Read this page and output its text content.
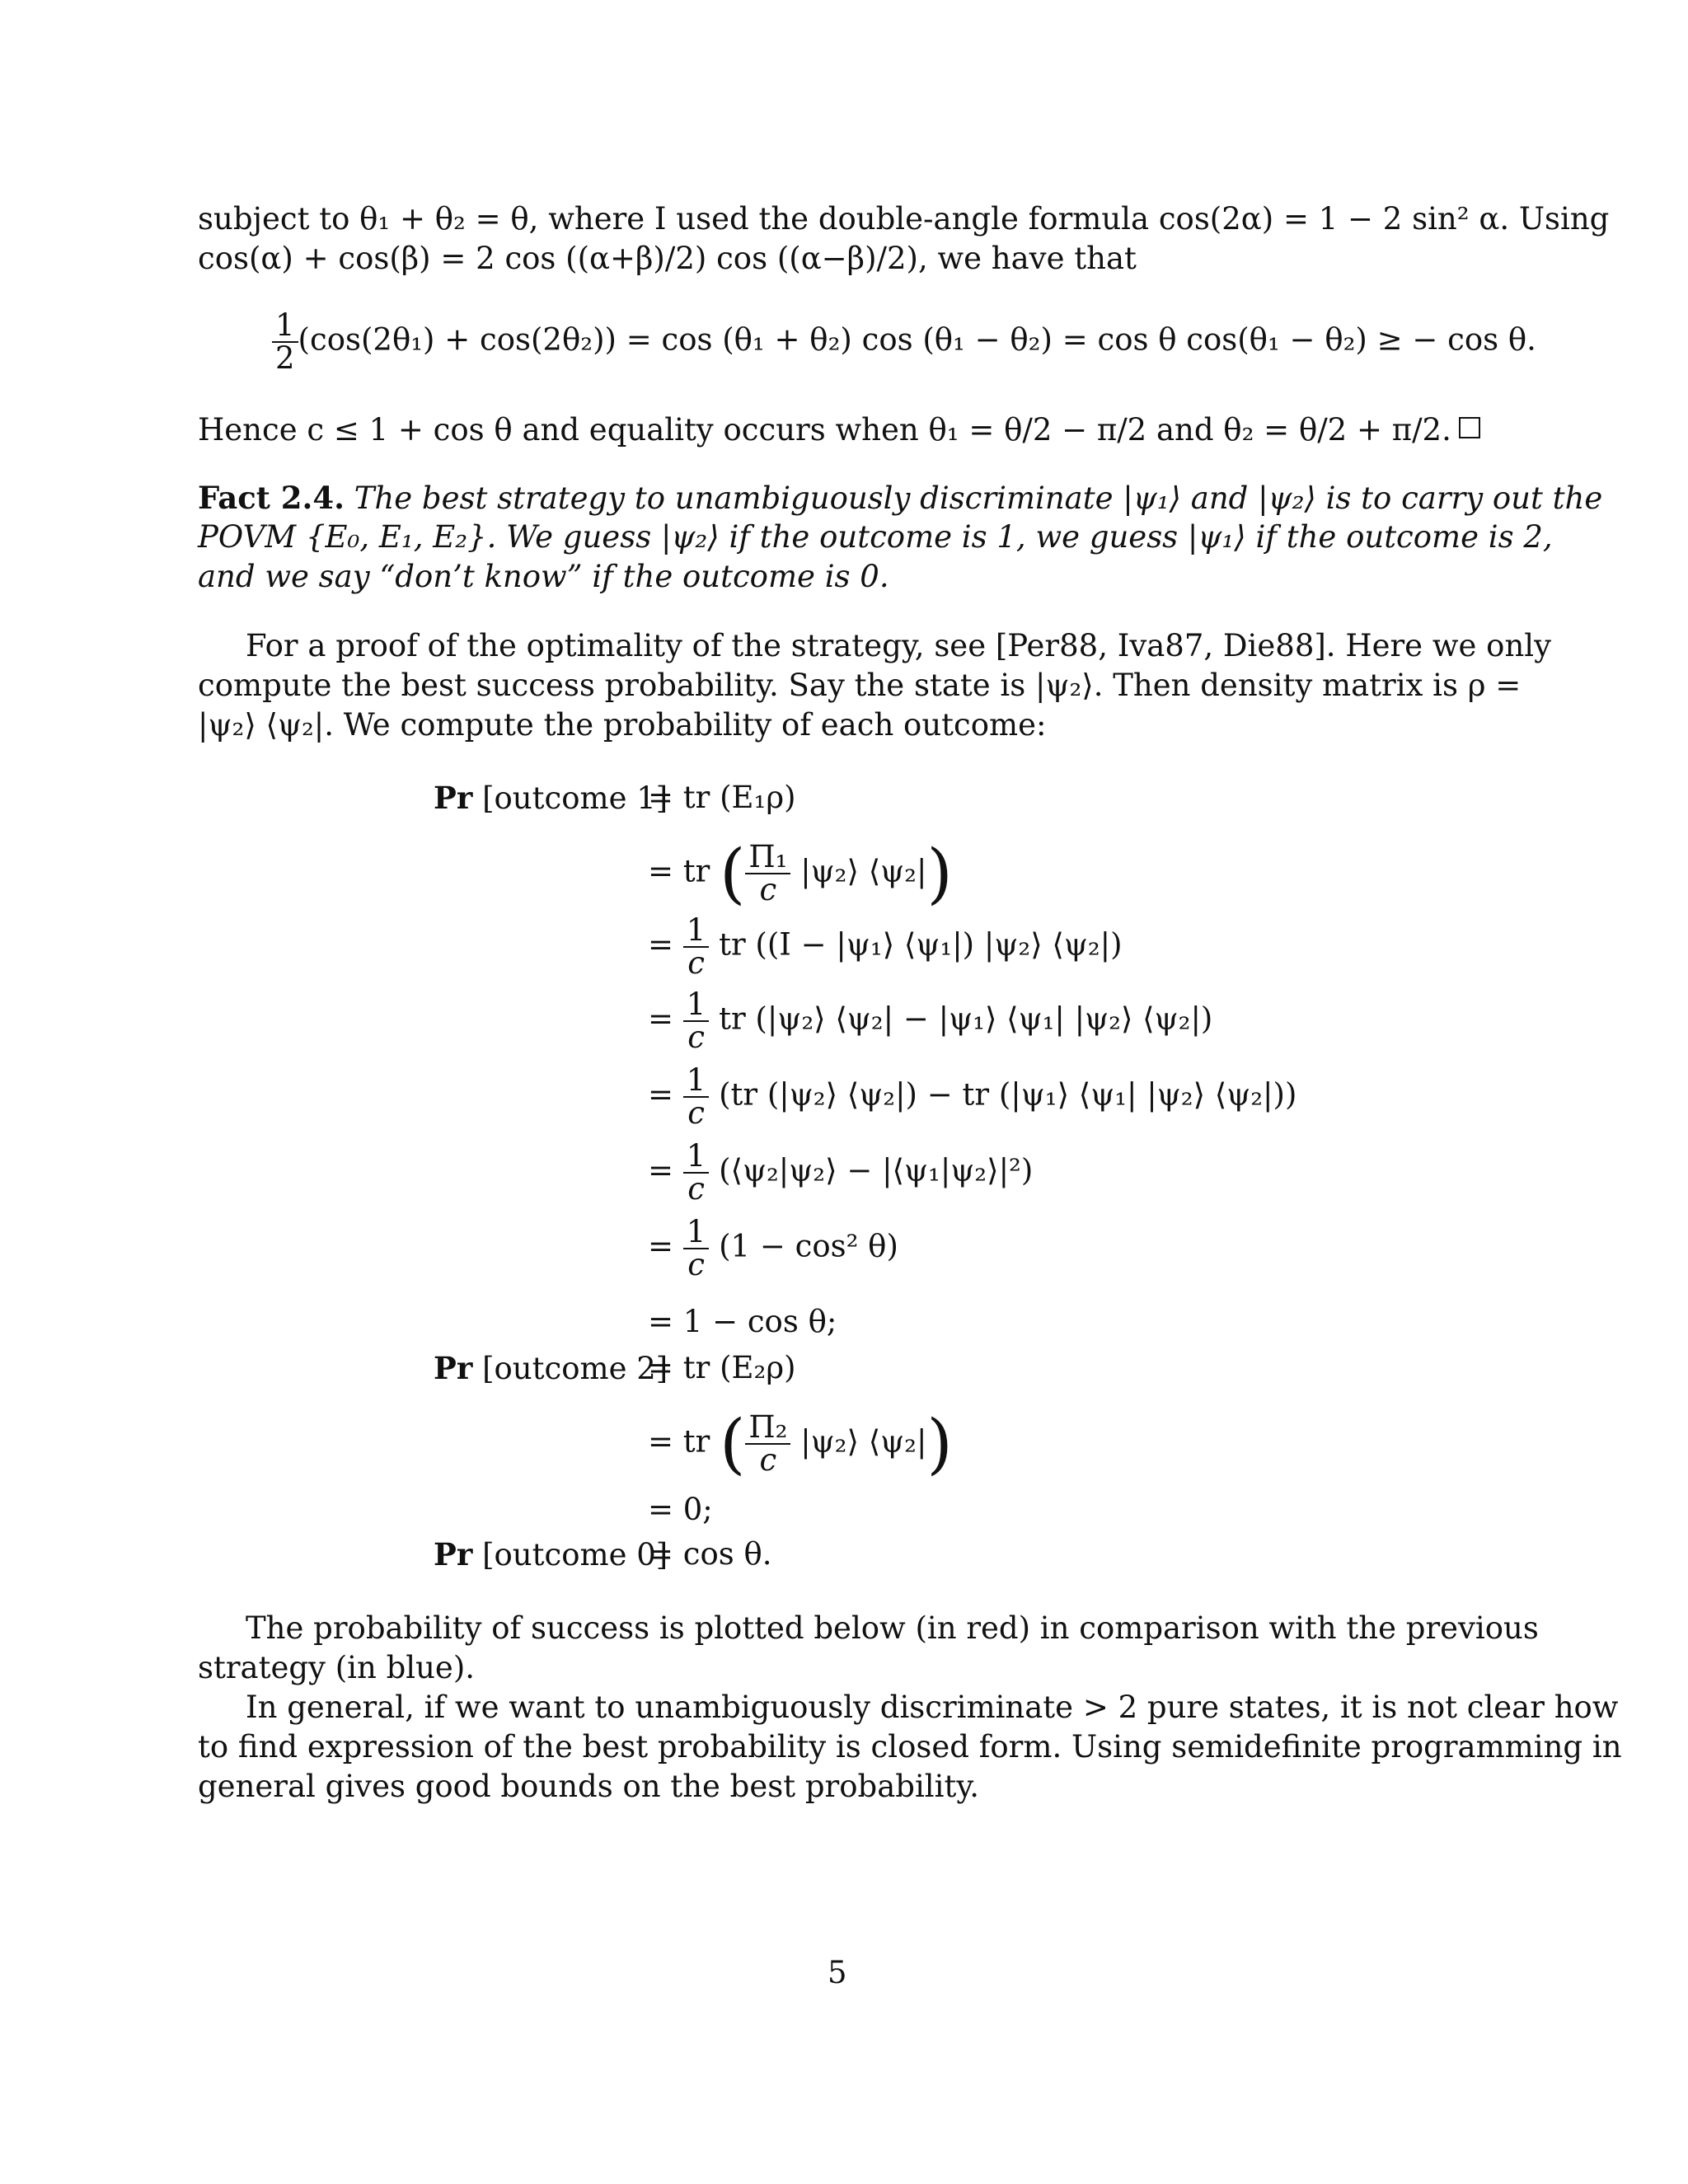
subject to θ₁ + θ₂ = θ, where I used the double-angle formula cos(2α) = 1 − 2 sin² α. Using
cos(α) + cos(β) = 2 cos ((α+β)/2) cos ((α−β)/2), we have that
$\frac{1}{2} (\cos(2\theta_1) + \cos(2\theta_2)) = \cos (\theta_1 + \theta_2)$ cos (θ₁ − θ₂) = cos θ cos(θ₁ − θ₂) ≥ − cos θ.
Hence c ≤ 1 + cos θ and equality occurs when θ₁ = θ/2 − π/2 and θ₂ = θ/2 + π/2.
Fact 2.4. The best strategy to unambiguously discriminate |ψ₁⟩ and |ψ₂⟩ is to carry out the
POVM {E₀, E₁, E₂}. We guess |ψ₂⟩ if the outcome is 1, we guess |ψ₁⟩ if the outcome is 2,
and we say “don’t know” if the outcome is 0.
For a proof of the optimality of the strategy, see [Per88, Iva87, Die88]. Here we only
compute the best success probability. Say the state is |ψ₂⟩. Then density matrix is ρ =
|ψ₂⟩ ⟨ψ₂|. We compute the probability of each outcome:
Pr [outcome 1]
= tr (E₁ρ)
= tr ( $\frac{\text{Π₁}}{c}$ |ψ₂⟩ ⟨ψ₂|)
= $\frac{1}{c}$ tr ((I − |ψ₁⟩ ⟨ψ₁|) |ψ₂⟩ ⟨ψ₂|)
= $\frac{1}{c}$ tr (|ψ₂⟩ ⟨ψ₂| − |ψ₁⟩ ⟨ψ₁| |ψ₂⟩ ⟨ψ₂|)
= $\frac{1}{c} (tr$ (|ψ₂⟩ ⟨ψ₂|) − tr (|ψ₁⟩ ⟨ψ₁| |ψ₂⟩ ⟨ψ₂|))
= $\frac{1}{c}$ (⟨ψ₂|ψ₂⟩ − |⟨ψ₁|ψ₂⟩|²)
= $\frac{1}{c} (1 - \cos^2$ θ)
= 1 − cos θ;
Pr [outcome 2]
= tr (E₂ρ)
= tr ( $\frac{\text{Π₂}}{c}$ |ψ₂⟩ ⟨ψ₂|)
= 0;
Pr [outcome 0]
= cos θ.
The probability of success is plotted below (in red) in comparison with the previous
strategy (in blue).
In general, if we want to unambiguously discriminate > 2 pure states, it is not clear how
to find expression of the best probability is closed form. Using semidefinite programming in
general gives good bounds on the best probability.
5
